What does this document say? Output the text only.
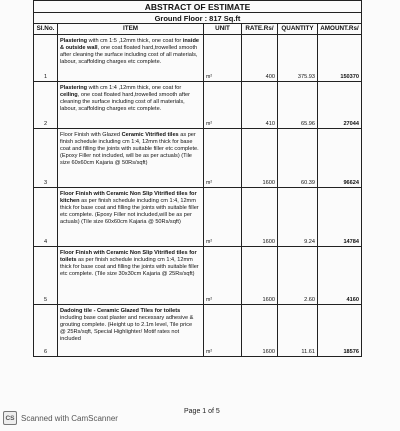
ABSTRACT OF ESTIMATE					
Ground Floor : 817 Sq.ft					
Sl.No.	ITEM	UNIT	RATE.Rs/	QUANTITY	AMOUNT.Rs/
1	Plastering with cm 1:5 ,12mm thick, one coat for inside & outside wall, one coat floated hard,trowelled smooth after cleaning the surface including cost of all materials, labour, scaffolding charges etc complete.	m²	400	375.93	150370
2	Plastering with cm 1:4 ,12mm thick, one coat for ceiling, one coat floated hard,trowelled smooth after cleaning the surface including cost of all materials, labour, scaffolding charges etc complete.	m²	410	65.96	27044
3	Floor Finish with Glazed Ceramic Vitrified tiles as per finish schedule including cm 1:4, 12mm thick for base coat and filling the joints with suitable filler etc complete. (Epoxy Filler not included, will be as per actuals) (Tile size 60x60cm Kajaria @ 50Rs/sqft)	m²	1600	60.39	96624
4	Floor Finish with Ceramic Non Slip Vitrified tiles for kitchen as per finish schedule including cm 1:4, 12mm thick for base coat and filling the joints with suitable filler etc complete. (Epoxy Filler not included,will be as per actuals) (Tile size 60x60cm Kajaria @ 50Rs/sqft)	m²	1600	9.24	14784
5	Floor Finish with Ceramic Non Slip Vitrified tiles for toilets as per finish schedule including cm 1:4, 12mm thick for base coat and filling the joints with suitable filler etc complete. (Tile size 30x30cm Kajaria @ 25Rs/sqft)	m²	1600	2.60	4160
6	Dadoing tile - Ceramic Glazed Tiles for toilets including base coat plaster and necessary adhesive & grouting complete. (Height up to 2.1m level, Tile price @ 25Rs/sqft, Special Highlighter/ Motif rates not included	m²	1600	11.61	18576
Page 1 of 5
CS Scanned with CamScanner
